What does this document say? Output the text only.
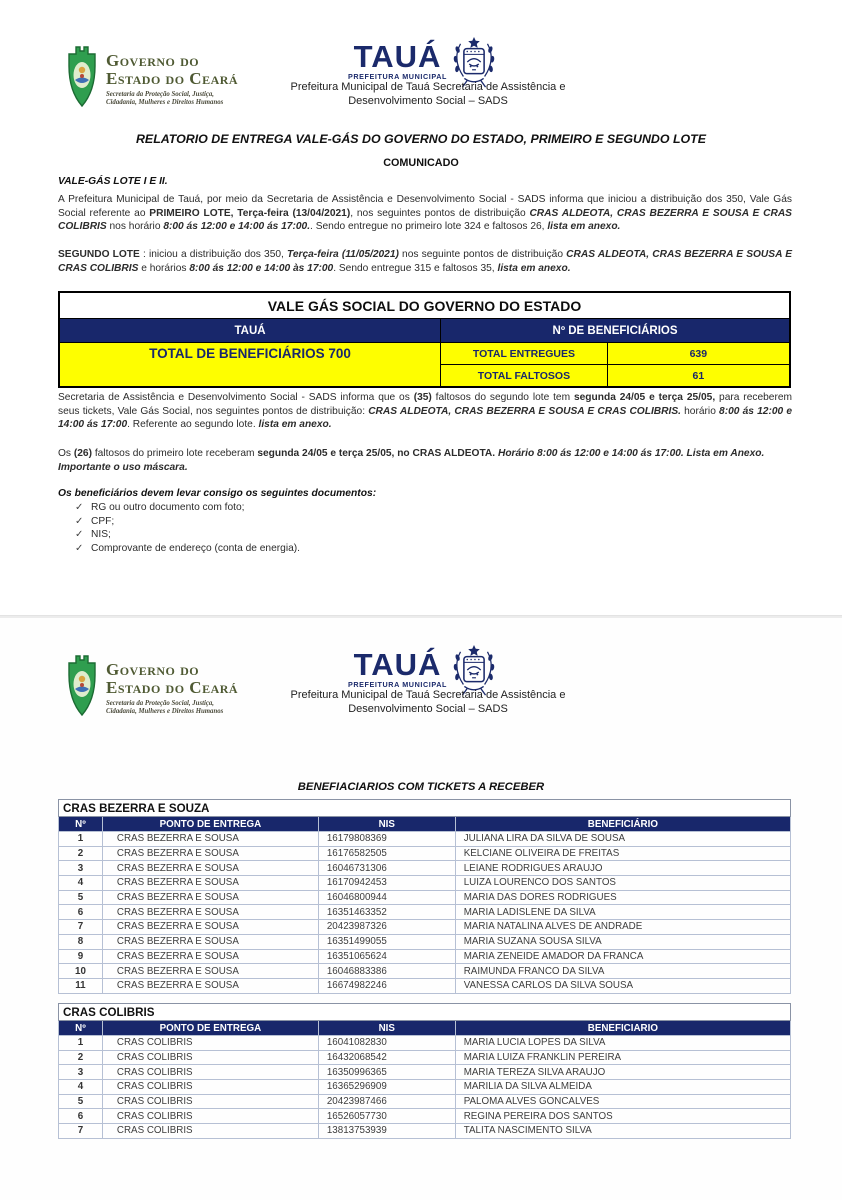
Governo do
Estado do Ceará
Secretaria da Proteção Social, Justiça,
Cidadania, Mulheres e Direitos Humanos
TAUÁ
PREFEITURA MUNICIPAL
Prefeitura Municipal de Tauá Secretaria de Assistência e
Desenvolvimento Social – SADS
RELATORIO DE ENTREGA VALE-GÁS DO GOVERNO DO ESTADO, PRIMEIRO E SEGUNDO LOTE
COMUNICADO
VALE-GÁS LOTE I E II.
A Prefeitura Municipal de Tauá, por meio da Secretaria de Assistência e Desenvolvimento Social - SADS informa que iniciou a distribuição dos 350, Vale Gás Social referente ao PRIMEIRO LOTE, Terça-feira (13/04/2021), nos seguintes pontos de distribuição CRAS ALDEOTA, CRAS BEZERRA E SOUSA E CRAS COLIBRIS nos horário 8:00 ás 12:00 e 14:00 ás 17:00.. Sendo entregue no primeiro lote 324 e faltosos 26, lista em anexo.
SEGUNDO LOTE : iniciou a distribuição dos 350, Terça-feira (11/05/2021) nos seguinte pontos de distribuição CRAS ALDEOTA, CRAS BEZERRA E SOUSA E CRAS COLIBRIS e horários 8:00 ás 12:00 e 14:00 às 17:00. Sendo entregue 315 e faltosos 35, lista em anexo.
VALE GÁS SOCIAL DO GOVERNO DO ESTADO		
TAUÁ	Nº DE BENEFICIÁRIOS	
TOTAL DE BENEFICIÁRIOS 700	TOTAL ENTREGUES	639
	TOTAL FALTOSOS	61
Secretaria de Assistência e Desenvolvimento Social - SADS informa que os (35) faltosos do segundo lote tem segunda 24/05 e terça 25/05, para receberem seus tickets, Vale Gás Social, nos seguintes pontos de distribuição: CRAS ALDEOTA, CRAS BEZERRA E SOUSA E CRAS COLIBRIS. horário 8:00 ás 12:00 e 14:00 ás 17:00. Referente ao segundo lote. lista em anexo.
Os (26) faltosos do primeiro lote receberam segunda 24/05 e terça 25/05, no CRAS ALDEOTA. Horário 8:00 ás 12:00 e 14:00 ás 17:00. Lista em Anexo.
Importante o uso máscara.
Os beneficiários devem levar consigo os seguintes documentos:
✓ RG ou outro documento com foto;
✓ CPF;
✓ NIS;
✓ Comprovante de endereço (conta de energia).
Governo do
Estado do Ceará
Secretaria da Proteção Social, Justiça,
Cidadania, Mulheres e Direitos Humanos
TAUÁ
PREFEITURA MUNICIPAL
Prefeitura Municipal de Tauá Secretaria de Assistência e
Desenvolvimento Social – SADS
BENEFIACIARIOS COM TICKETS A RECEBER
CRAS BEZERRA E SOUZA			
Nº	PONTO DE ENTREGA	NIS	BENEFICIÁRIO
1	CRAS BEZERRA E SOUSA	16179808369	JULIANA LIRA DA SILVA DE SOUSA
2	CRAS BEZERRA E SOUSA	16176582505	KELCIANE OLIVEIRA DE FREITAS
3	CRAS BEZERRA E SOUSA	16046731306	LEIANE RODRIGUES ARAUJO
4	CRAS BEZERRA E SOUSA	16170942453	LUIZA LOURENCO DOS SANTOS
5	CRAS BEZERRA E SOUSA	16046800944	MARIA DAS DORES RODRIGUES
6	CRAS BEZERRA E SOUSA	16351463352	MARIA LADISLENE DA SILVA
7	CRAS BEZERRA E SOUSA	20423987326	MARIA NATALINA ALVES DE ANDRADE
8	CRAS BEZERRA E SOUSA	16351499055	MARIA SUZANA SOUSA SILVA
9	CRAS BEZERRA E SOUSA	16351065624	MARIA ZENEIDE AMADOR DA FRANCA
10	CRAS BEZERRA E SOUSA	16046883386	RAIMUNDA FRANCO DA SILVA
11	CRAS BEZERRA E SOUSA	16674982246	VANESSA CARLOS DA SILVA SOUSA
CRAS COLIBRIS			
Nº	PONTO DE ENTREGA	NIS	BENEFICIARIO
1	CRAS COLIBRIS	16041082830	MARIA LUCIA LOPES DA SILVA
2	CRAS COLIBRIS	16432068542	MARIA LUIZA FRANKLIN PEREIRA
3	CRAS COLIBRIS	16350996365	MARIA TEREZA SILVA ARAUJO
4	CRAS COLIBRIS	16365296909	MARILIA DA SILVA ALMEIDA
5	CRAS COLIBRIS	20423987466	PALOMA ALVES GONCALVES
6	CRAS COLIBRIS	16526057730	REGINA PEREIRA DOS SANTOS
7	CRAS COLIBRIS	13813753939	TALITA NASCIMENTO SILVA
